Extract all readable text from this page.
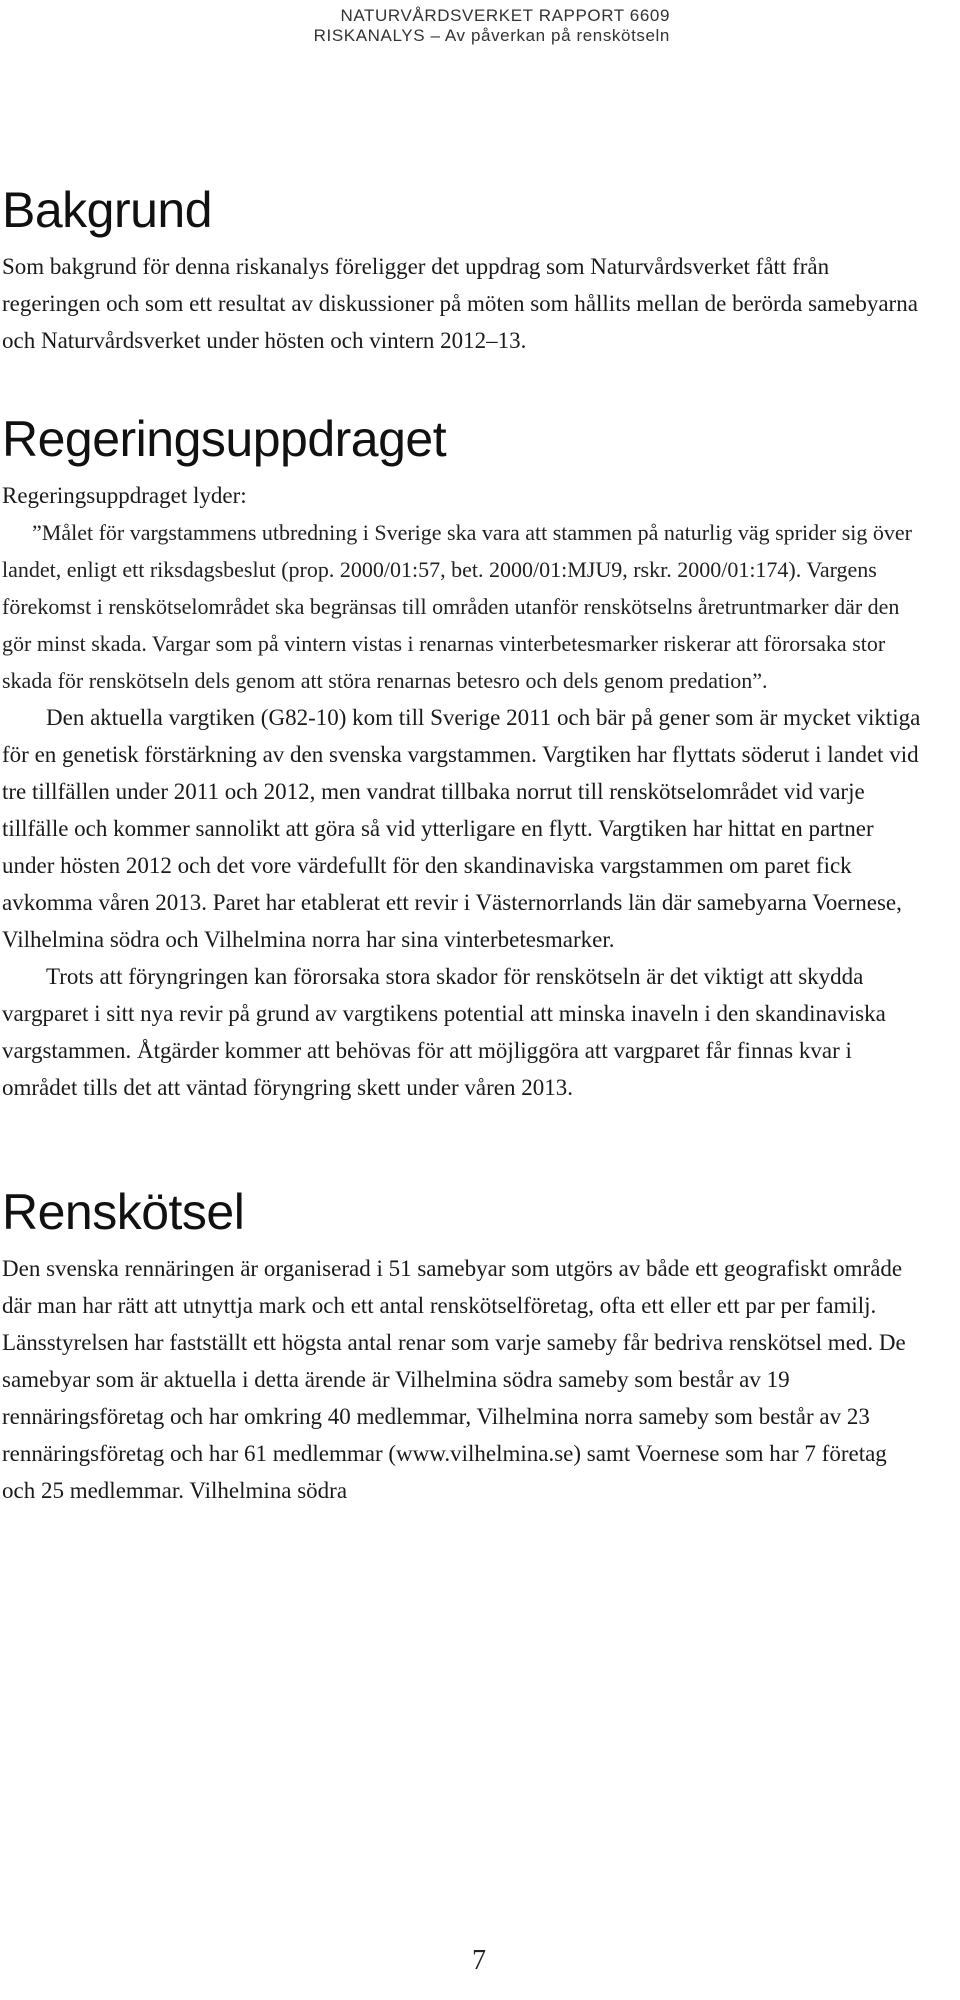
NATURVÅRDSVERKET RAPPORT 6609
RISKANALYS – Av påverkan på renskötseln
Bakgrund

Som bakgrund för denna riskanalys föreligger det uppdrag som Naturvårdsverket fått från regeringen och som ett resultat av diskussioner på möten som hållits mellan de berörda samebyarna och Naturvårdsverket under hösten och vintern 2012–13.

Regeringsuppdraget

Regeringsuppdraget lyder:

”Målet för vargstammens utbredning i Sverige ska vara att stammen på naturlig väg sprider sig över landet, enligt ett riksdagsbeslut (prop. 2000/01:57, bet. 2000/01:MJU9, rskr. 2000/01:174). Vargens förekomst i renskötselområdet ska begränsas till områden utanför renskötselns åretruntmarker där den gör minst skada. Vargar som på vintern vistas i renarnas vinterbetesmarker riskerar att förorsaka stor skada för renskötseln dels genom att störa renarnas betesro och dels genom predation”.

Den aktuella vargtiken (G82-10) kom till Sverige 2011 och bär på gener som är mycket viktiga för en genetisk förstärkning av den svenska vargstammen. Vargtiken har flyttats söderut i landet vid tre tillfällen under 2011 och 2012, men vandrat tillbaka norrut till renskötselområdet vid varje tillfälle och kommer sannolikt att göra så vid ytterligare en flytt. Vargtiken har hittat en partner under hösten 2012 och det vore värdefullt för den skandinaviska vargstammen om paret fick avkomma våren 2013. Paret har etablerat ett revir i Västernorrlands län där samebyarna Voernese, Vilhelmina södra och Vilhelmina norra har sina vinterbetesmarker.

Trots att föryngringen kan förorsaka stora skador för renskötseln är det viktigt att skydda vargparet i sitt nya revir på grund av vargtikens potential att minska inaveln i den skandinaviska vargstammen. Åtgärder kommer att behövas för att möjliggöra att vargparet får finnas kvar i området tills det att väntad föryngring skett under våren 2013.

Renskötsel

Den svenska rennäringen är organiserad i 51 samebyar som utgörs av både ett geografiskt område där man har rätt att utnyttja mark och ett antal renskötselföretag, ofta ett eller ett par per familj. Länsstyrelsen har fastställt ett högsta antal renar som varje sameby får bedriva renskötsel med. De samebyar som är aktuella i detta ärende är Vilhelmina södra sameby som består av 19 rennäringsföretag och har omkring 40 medlemmar, Vilhelmina norra sameby som består av 23 rennäringsföretag och har 61 medlemmar (www.vilhelmina.se) samt Voernese som har 7 företag och 25 medlemmar. Vilhelmina södra

7
